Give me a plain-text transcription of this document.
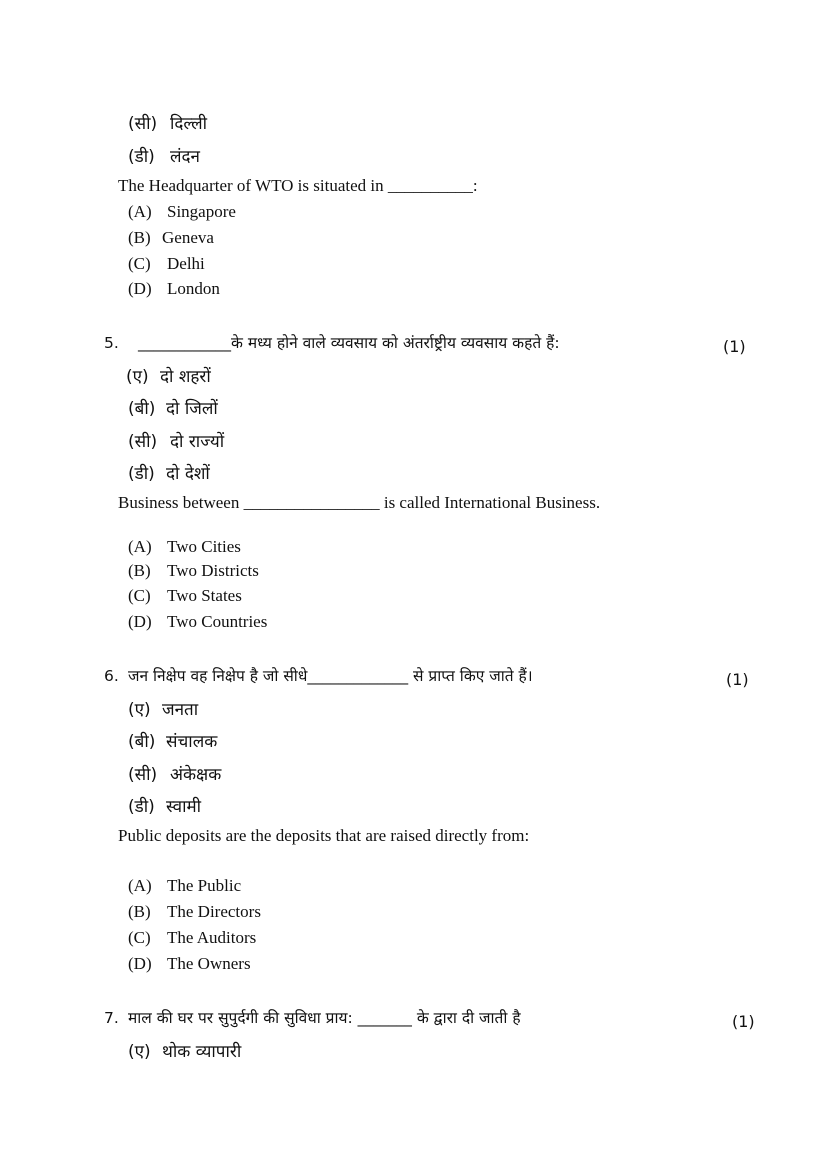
(सी) दिल्ली
(डी) लंदन
The Headquarter of WTO is situated in __________:
(A) Singapore
(B) Geneva
(C) Delhi
(D) London
5. ____________के मध्य होने वाले व्यवसाय को अंतर्राष्ट्रीय व्यवसाय कहते हैं:	(1)
(ए) दो शहरों
(बी) दो जिलों
(सी) दो राज्यों
(डी) दो देशों
Business between ________________ is called International Business.
(A) Two Cities
(B) Two Districts
(C) Two States
(D) Two Countries
6. जन निक्षेप वह निक्षेप है जो सीधे_____________ से प्राप्त किए जाते हैं।	(1)
(ए) जनता
(बी) संचालक
(सी) अंकेक्षक
(डी) स्वामी
Public deposits are the deposits that are raised directly from:
(A) The Public
(B) The Directors
(C) The Auditors
(D) The Owners
7. माल की घर पर सुपुर्दगी की सुविधा प्राय: _______ के द्वारा दी जाती है	(1)
(ए) थोक व्यापारी
